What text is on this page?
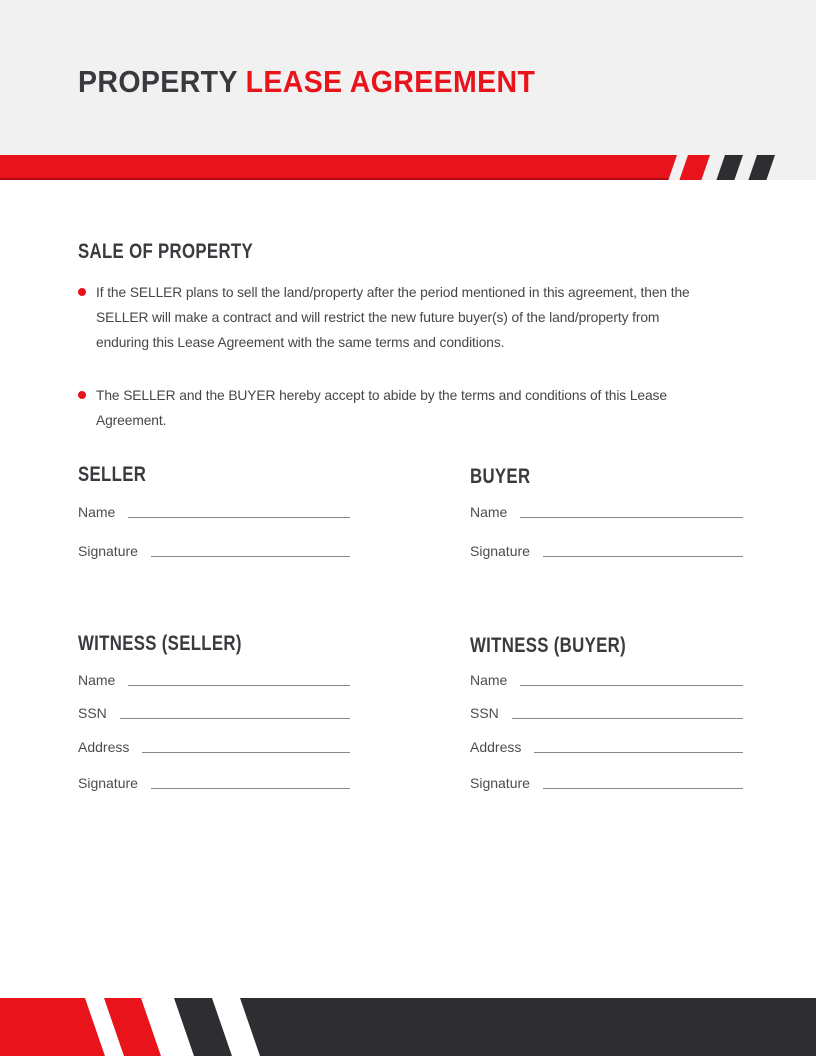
PROPERTY LEASE AGREEMENT
SALE OF PROPERTY
If the SELLER plans to sell the land/property after the period mentioned in this agreement, then the
SELLER will make a contract and will restrict the new future buyer(s) of the land/property from
enduring this Lease Agreement with the same terms and conditions.
The SELLER and the BUYER hereby accept to abide by the terms and conditions of this Lease
Agreement.
SELLER	BUYER
Name
Signature
Name
Signature
WITNESS (SELLER)	WITNESS (BUYER)
Name
SSN
Address
Signature
Name
SSN
Address
Signature
